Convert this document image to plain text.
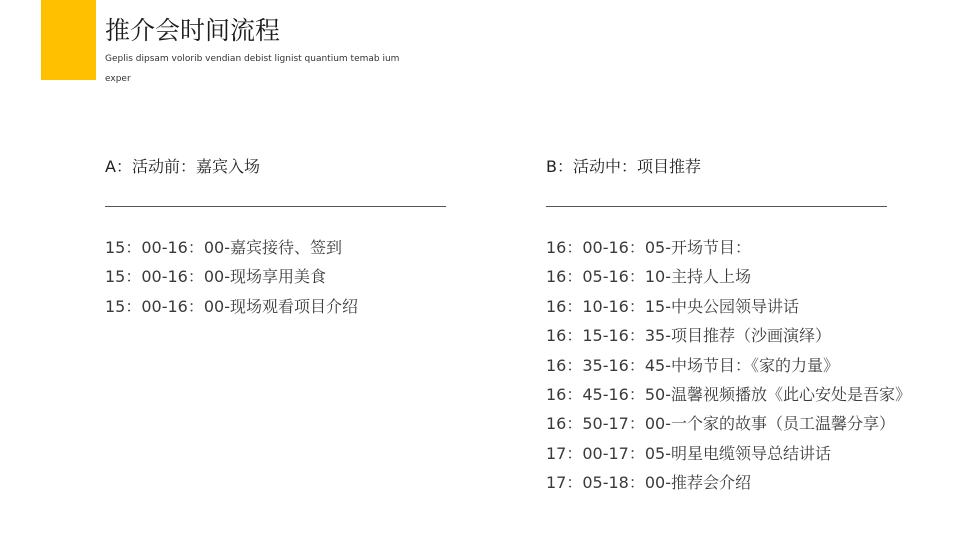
推介会时间流程
Geplis dipsam volorib vendian debist lignist quantium temab ium exper
A：活动前：嘉宾入场
15：00-16：00-嘉宾接待、签到
15：00-16：00-现场享用美食
15：00-16：00-现场观看项目介绍
B：活动中：项目推荐
16：00-16：05-开场节目：
16：05-16：10-主持人上场
16：10-16：15-中央公园领导讲话
16：15-16：35-项目推荐（沙画演绎）
16：35-16：45-中场节目：《家的力量》
16：45-16：50-温馨视频播放《此心安处是吾家》
16：50-17：00-一个家的故事（员工温馨分享）
17：00-17：05-明星电缆领导总结讲话
17：05-18：00-推荐会介绍
